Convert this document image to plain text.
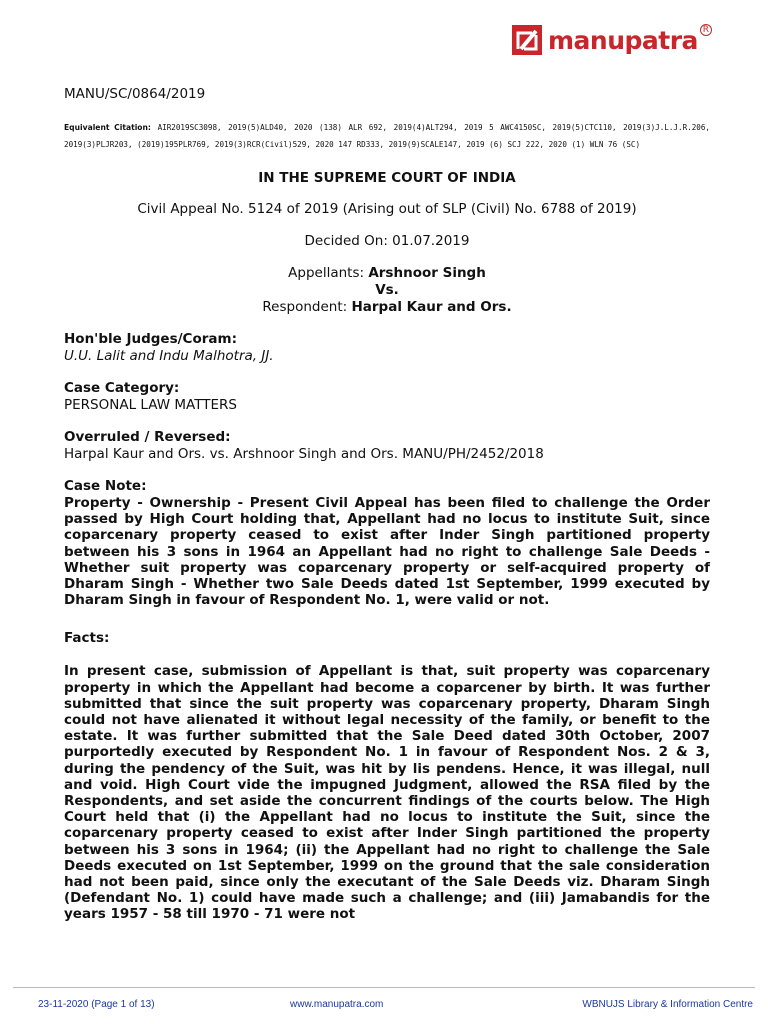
manupatra R

MANU/SC/0864/2019

Equivalent Citation: AIR2019SC3098, 2019(5)ALD40, 2020 (138) ALR 692, 2019(4)ALT294, 2019 5 AWC4150SC, 2019(5)CTC110, 2019(3)J.L.J.R.206, 2019(3)PLJR203, (2019)195PLR769, 2019(3)RCR(Civil)529, 2020 147 RD333, 2019(9)SCALE147, 2019 (6) SCJ 222, 2020 (1) WLN 76 (SC)
IN THE SUPREME COURT OF INDIA
Civil Appeal No. 5124 of 2019 (Arising out of SLP (Civil) No. 6788 of 2019)
Decided On: 01.07.2019
Appellants: Arshnoor Singh
Vs.
Respondent: Harpal Kaur and Ors.
Hon'ble Judges/Coram:
U.U. Lalit and Indu Malhotra, JJ.
Case Category:
PERSONAL LAW MATTERS
Overruled / Reversed:
Harpal Kaur and Ors. vs. Arshnoor Singh and Ors. MANU/PH/2452/2018
Case Note:
Property - Ownership - Present Civil Appeal has been filed to challenge the Order passed by High Court holding that, Appellant had no locus to institute Suit, since coparcenary property ceased to exist after Inder Singh partitioned property between his 3 sons in 1964 an Appellant had no right to challenge Sale Deeds - Whether suit property was coparcenary property or self-acquired property of Dharam Singh - Whether two Sale Deeds dated 1st September, 1999 executed by Dharam Singh in favour of Respondent No. 1, were valid or not.
Facts:
In present case, submission of Appellant is that, suit property was coparcenary property in which the Appellant had become a coparcener by birth. It was further submitted that since the suit property was coparcenary property, Dharam Singh could not have alienated it without legal necessity of the family, or benefit to the estate. It was further submitted that the Sale Deed dated 30th October, 2007 purportedly executed by Respondent No. 1 in favour of Respondent Nos. 2 & 3, during the pendency of the Suit, was hit by lis pendens. Hence, it was illegal, null and void. High Court vide the impugned Judgment, allowed the RSA filed by the Respondents, and set aside the concurrent findings of the courts below. The High Court held that (i) the Appellant had no locus to institute the Suit, since the coparcenary property ceased to exist after Inder Singh partitioned the property between his 3 sons in 1964; (ii) the Appellant had no right to challenge the Sale Deeds executed on 1st September, 1999 on the ground that the sale consideration had not been paid, since only the executant of the Sale Deeds viz. Dharam Singh (Defendant No. 1) could have made such a challenge; and (iii) Jamabandis for the years 1957 - 58 till 1970 - 71 were not
23-11-2020 (Page 1 of 13)	www.manupatra.com	WBNUJS Library & Information Centre
